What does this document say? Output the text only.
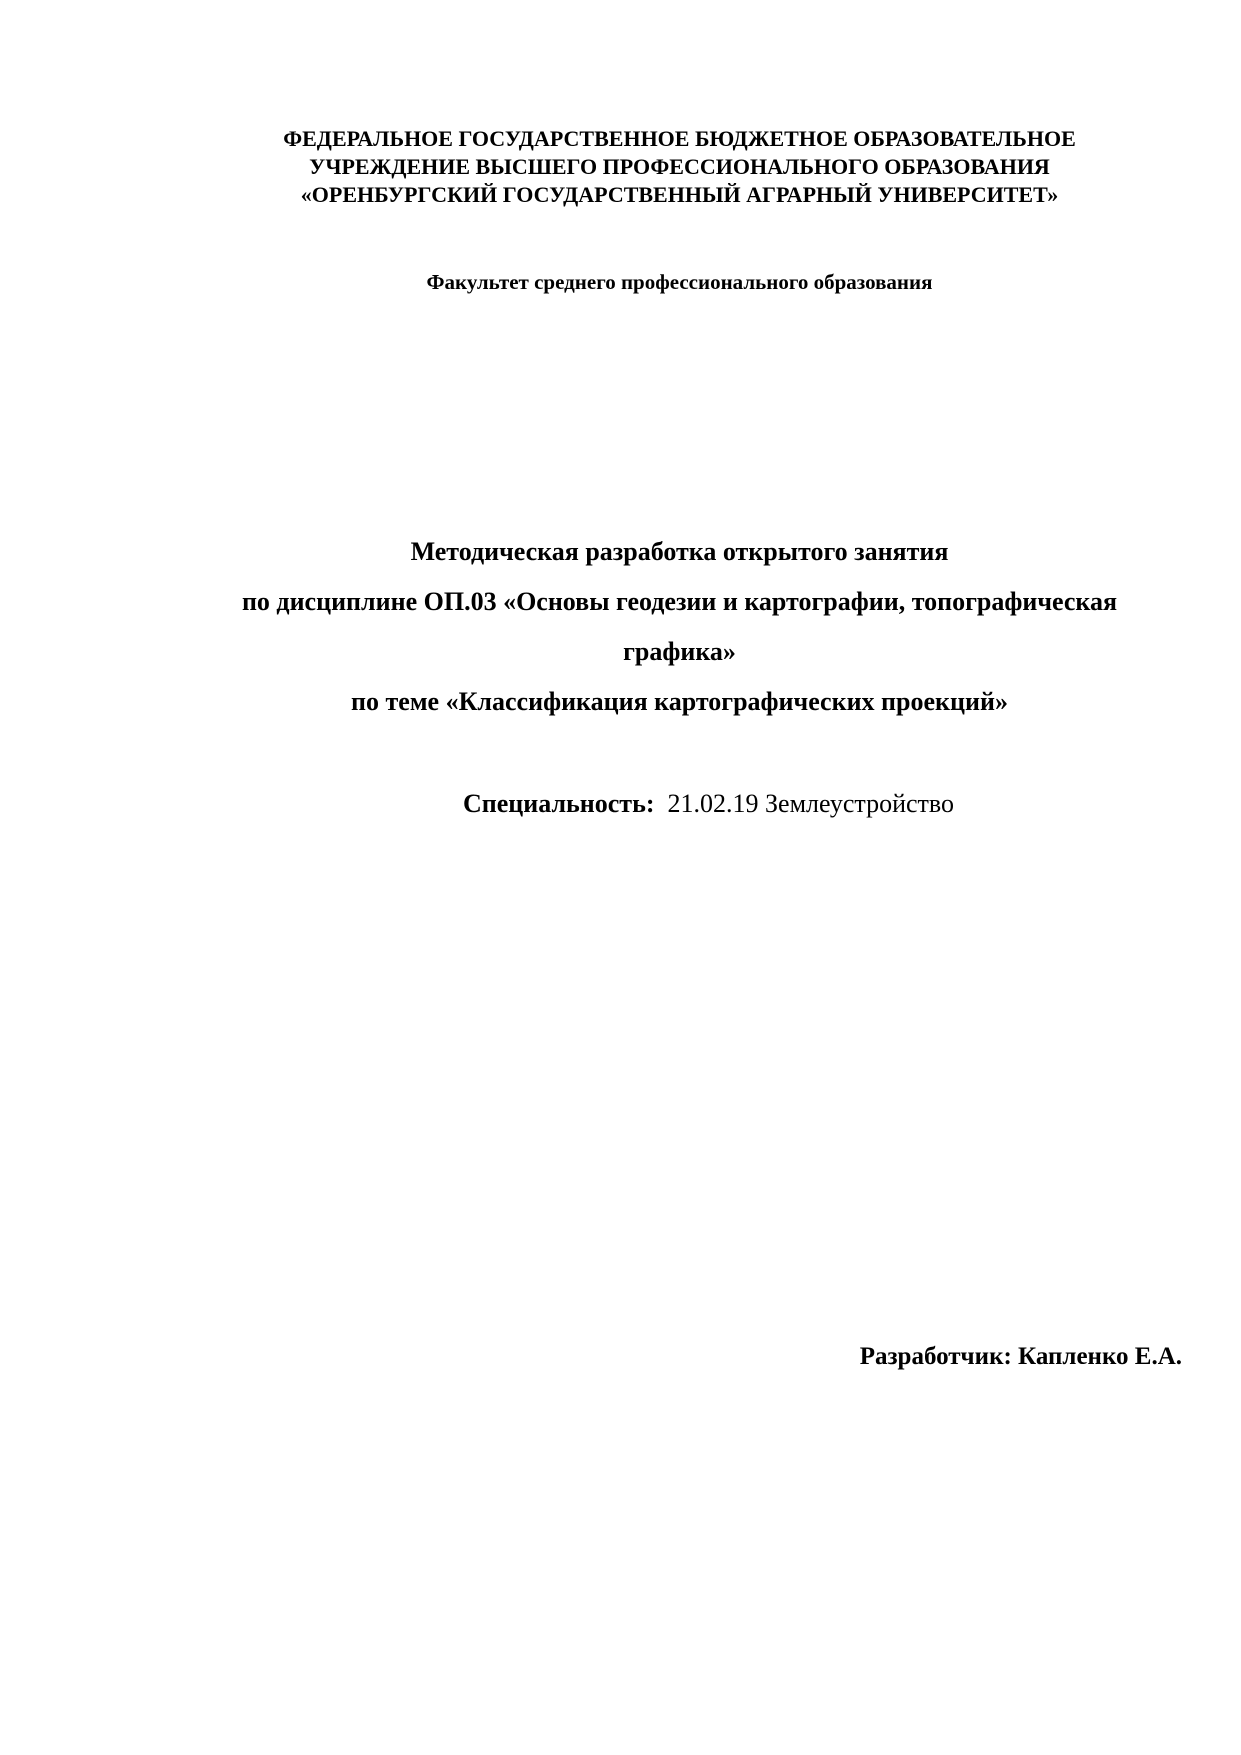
ФЕДЕРАЛЬНОЕ ГОСУДАРСТВЕННОЕ БЮДЖЕТНОЕ ОБРАЗОВАТЕЛЬНОЕ
УЧРЕЖДЕНИЕ ВЫСШЕГО ПРОФЕССИОНАЛЬНОГО ОБРАЗОВАНИЯ
«ОРЕНБУРГСКИЙ ГОСУДАРСТВЕННЫЙ АГРАРНЫЙ УНИВЕРСИТЕТ»
Факультет среднего профессионального образования
Методическая разработка открытого занятия
по дисциплине ОП.03 «Основы геодезии и картографии, топографическая
графика»
по теме «Классификация картографических проекций»
Специальность: 21.02.19 Землеустройство
Разработчик: Капленко Е.А.
